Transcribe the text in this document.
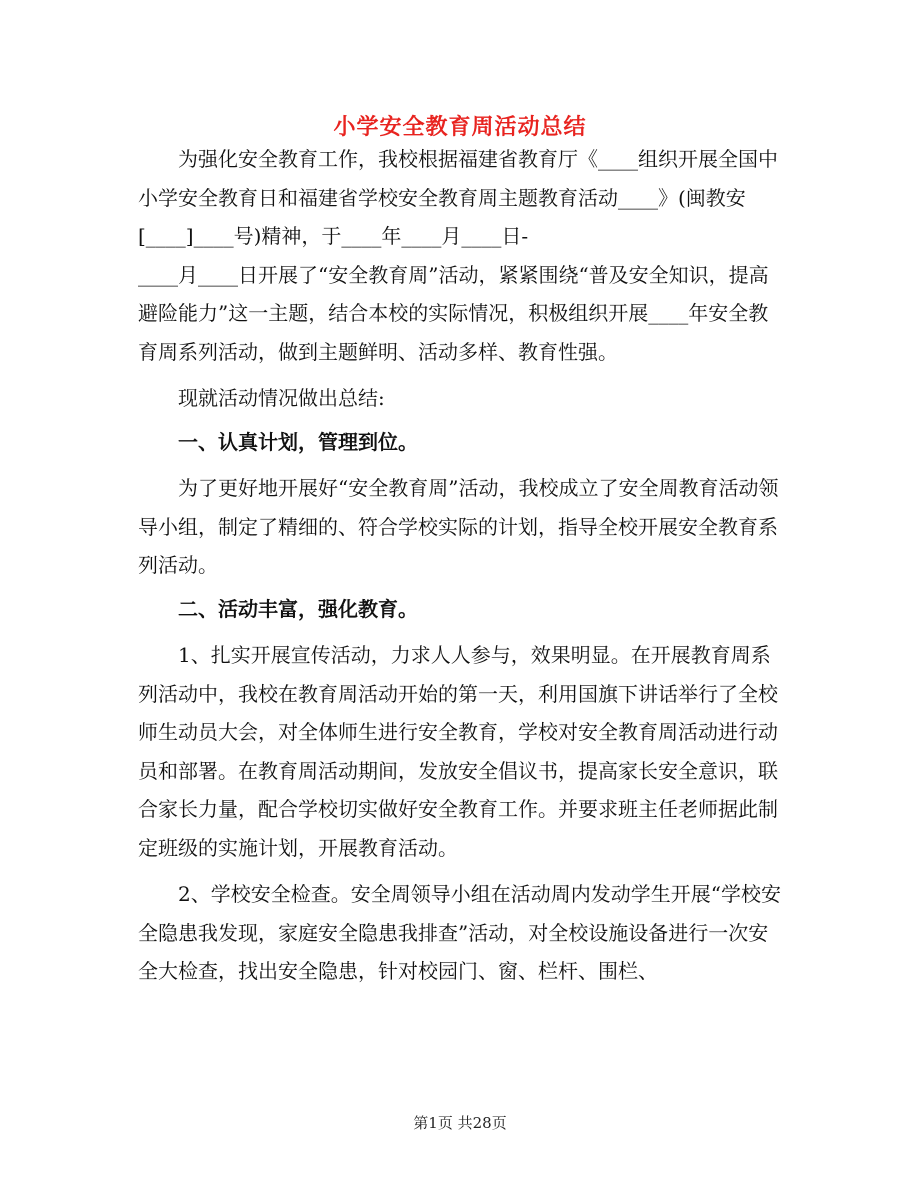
小学安全教育周活动总结

为强化安全教育工作，我校根据福建省教育厅《____组织开展全国中小学安全教育日和福建省学校安全教育周主题教育活动____》(闽教安[____]____号)精神，于____年____月____日-

____月____日开展了“安全教育周”活动，紧紧围绕“普及安全知识，提高避险能力”这一主题，结合本校的实际情况，积极组织开展____年安全教育周系列活动，做到主题鲜明、活动多样、教育性强。

现就活动情况做出总结:

一、认真计划，管理到位。

为了更好地开展好“安全教育周”活动，我校成立了安全周教育活动领导小组，制定了精细的、符合学校实际的计划，指导全校开展安全教育系列活动。

二、活动丰富，强化教育。

1、扎实开展宣传活动，力求人人参与，效果明显。在开展教育周系列活动中，我校在教育周活动开始的第一天，利用国旗下讲话举行了全校师生动员大会，对全体师生进行安全教育，学校对安全教育周活动进行动员和部署。在教育周活动期间，发放安全倡议书，提高家长安全意识，联合家长力量，配合学校切实做好安全教育工作。并要求班主任老师据此制定班级的实施计划，开展教育活动。

2、学校安全检查。安全周领导小组在活动周内发动学生开展“学校安全隐患我发现，家庭安全隐患我排查”活动，对全校设施设备进行一次安全大检查，找出安全隐患，针对校园门、窗、栏杆、围栏、

第1页 共28页
